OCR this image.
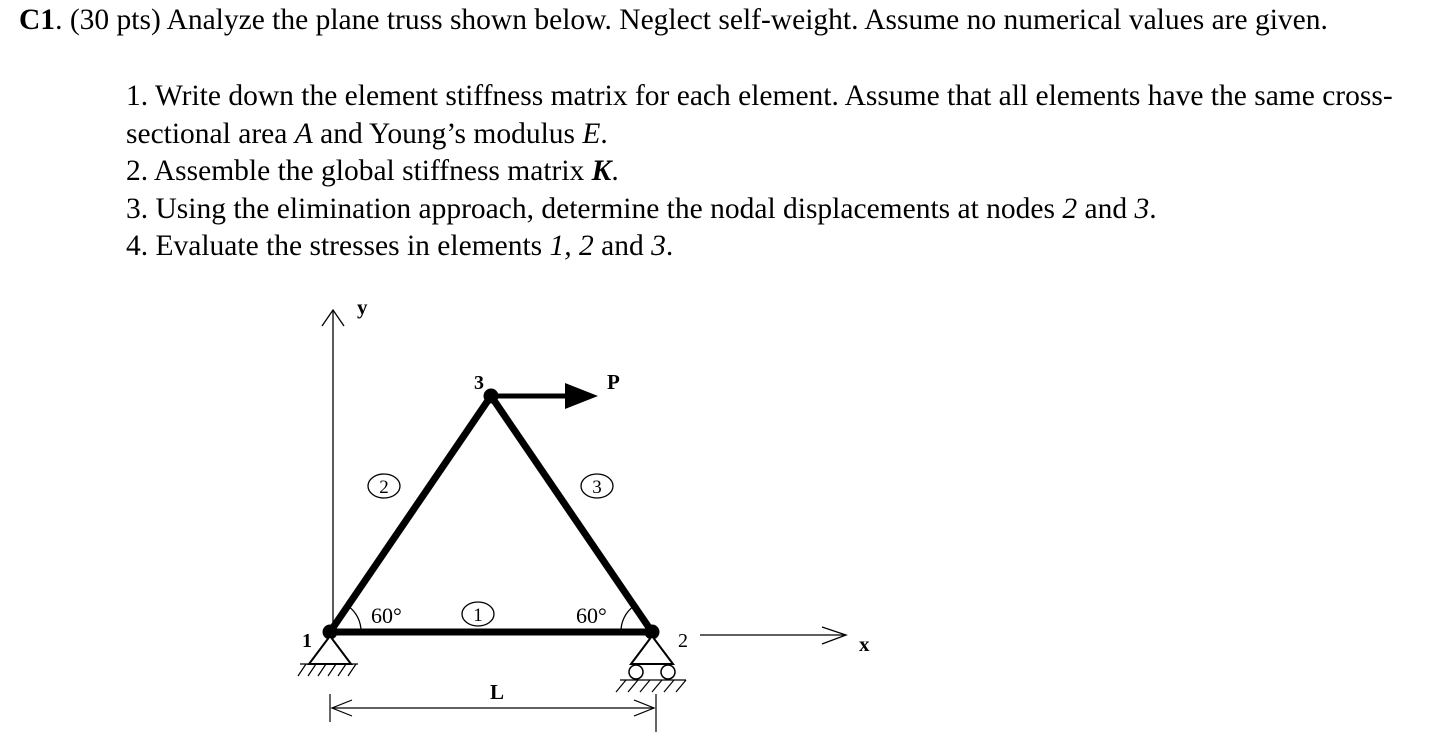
C1. (30 pts) Analyze the plane truss shown below. Neglect self-weight. Assume no numerical values are given.
1. Write down the element stiffness matrix for each element. Assume that all elements have the same cross-sectional area A and Young’s modulus E.
2. Assemble the global stiffness matrix K.
3. Using the elimination approach, determine the nodal displacements at nodes 2 and 3.
4. Evaluate the stresses in elements 1, 2 and 3.
y
x
60°	60°
1
2	3
P
1	2
3
L
